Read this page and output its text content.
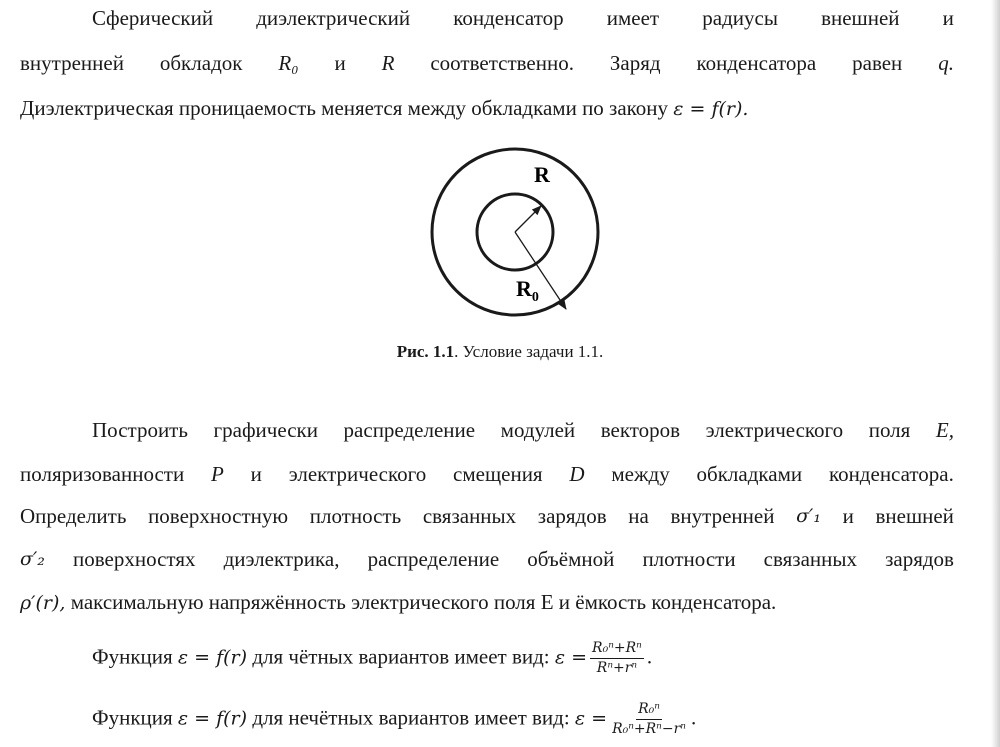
Сферический диэлектрический конденсатор имеет радиусы внешней и
внутренней обкладок R₀ и R соответственно. Заряд конденсатора равен q.
Диэлектрическая проницаемость меняется между обкладками по закону ε = f(r).
R
$R_0$
Рис. 1.1. Условие задачи 1.1.
Построить графически распределение модулей векторов электрического поля E,
поляризованности P и электрического смещения D между обкладками конденсатора.
Определить поверхностную плотность связанных зарядов на внутренней σ′₁ и внешней
σ′₂ поверхностях диэлектрика, распределение объёмной плотности связанных зарядов
ρ′(r), максимальную напряжённость электрического поля E и ёмкость конденсатора.
Функция ε = f(r) для чётных вариантов имеет вид: $\varepsilon = \frac{\text{R₀ⁿ+Rⁿ}}{\text{Rⁿ+rⁿ}}$ .
Функция ε = f(r) для нечётных вариантов имеет вид: $\varepsilon = \frac{\text{R₀ⁿ}}{\text{R₀ⁿ+Rⁿ−rⁿ}}$ .
